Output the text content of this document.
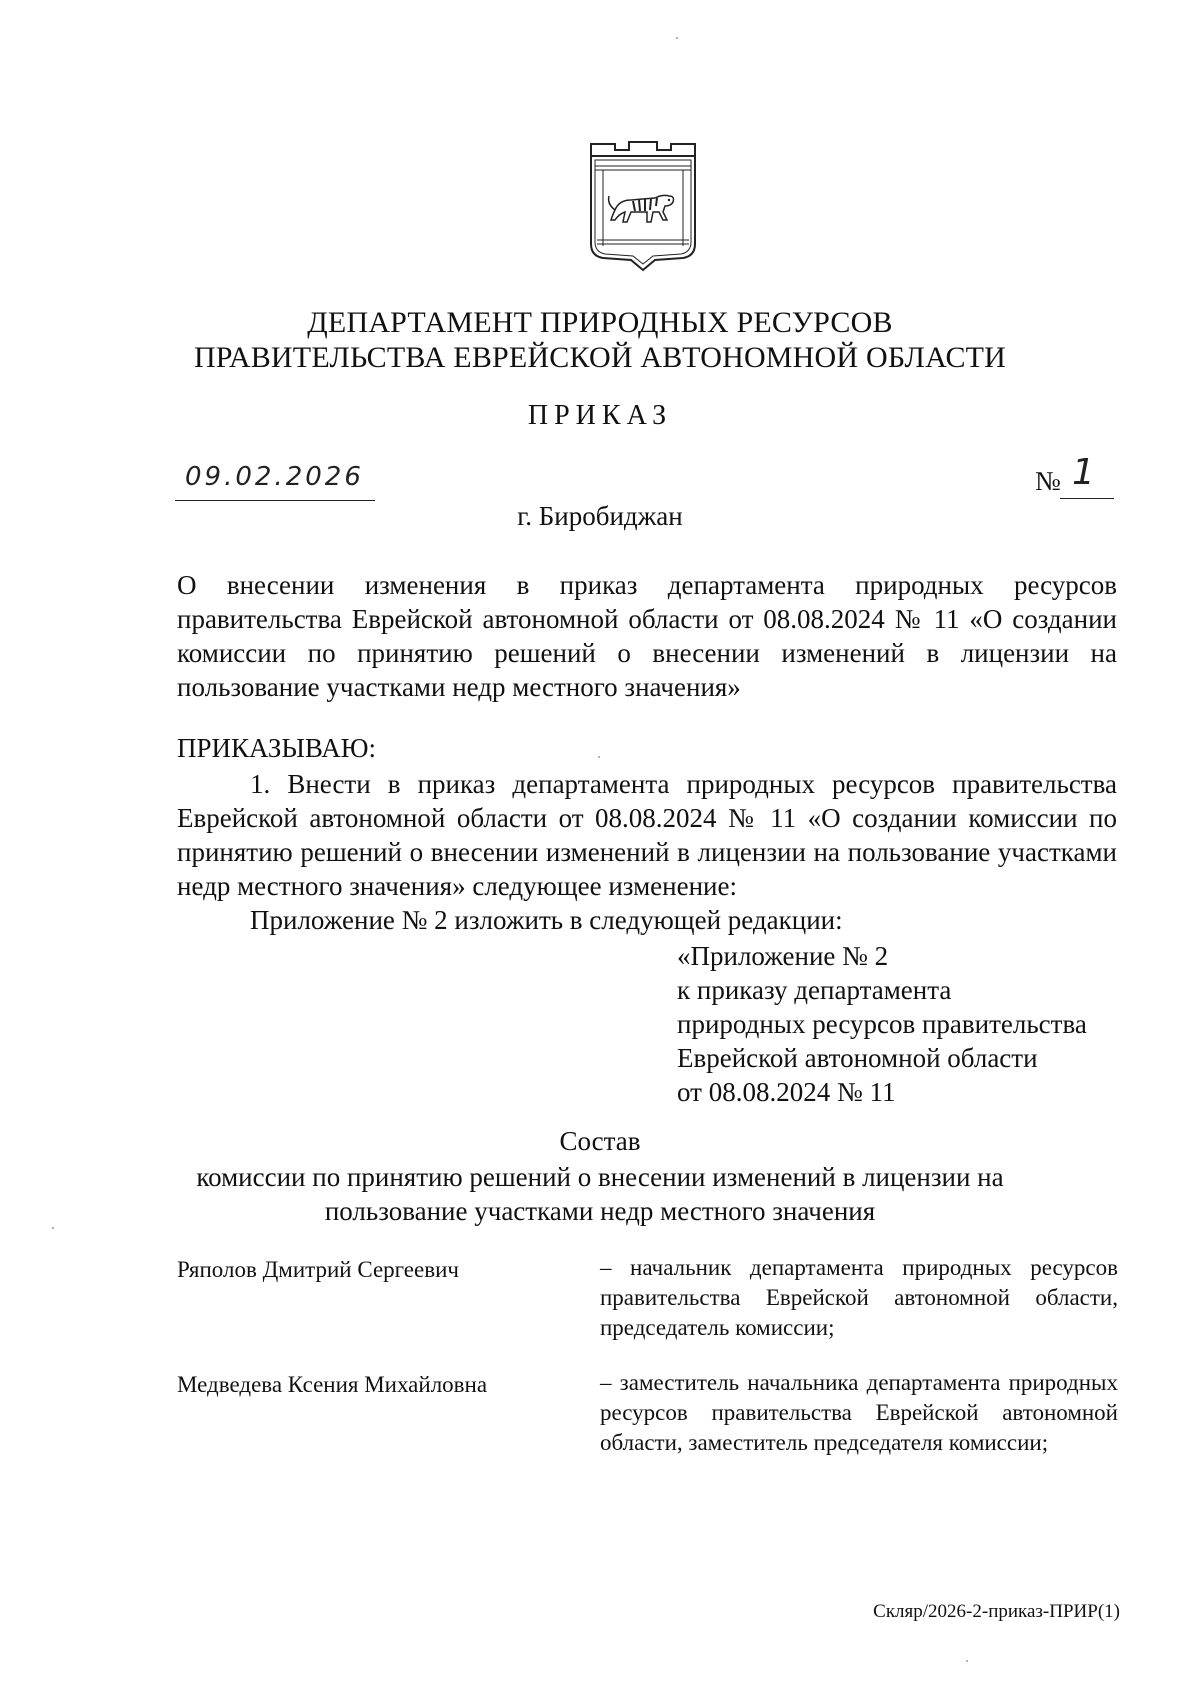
ДЕПАРТАМЕНТ ПРИРОДНЫХ РЕСУРСОВ
ПРАВИТЕЛЬСТВА ЕВРЕЙСКОЙ АВТОНОМНОЙ ОБЛАСТИ
ПРИКАЗ
09.02.2026	№ 1
г. Биробиджан
О внесении изменения в приказ департамента природных ресурсов правительства Еврейской автономной области от 08.08.2024 № 11 «О создании комиссии по принятию решений о внесении изменений в лицензии на пользование участками недр местного значения»
ПРИКАЗЫВАЮ:
1. Внести в приказ департамента природных ресурсов правительства Еврейской автономной области от 08.08.2024 № 11 «О создании комиссии по принятию решений о внесении изменений в лицензии на пользование участками недр местного значения» следующее изменение:
Приложение № 2 изложить в следующей редакции:
«Приложение № 2
к приказу департамента
природных ресурсов правительства
Еврейской автономной области
от 08.08.2024 № 11
Состав
комиссии по принятию решений о внесении изменений в лицензии на
пользование участками недр местного значения
Ряполов Дмитрий Сергеевич	– начальник департамента природных ресурсов правительства Еврейской автономной области, председатель комиссии;
Медведева Ксения Михайловна	– заместитель начальника департамента природных ресурсов правительства Еврейской автономной области, заместитель председателя комиссии;
Скляр/2026-2-приказ-ПРИР(1)
